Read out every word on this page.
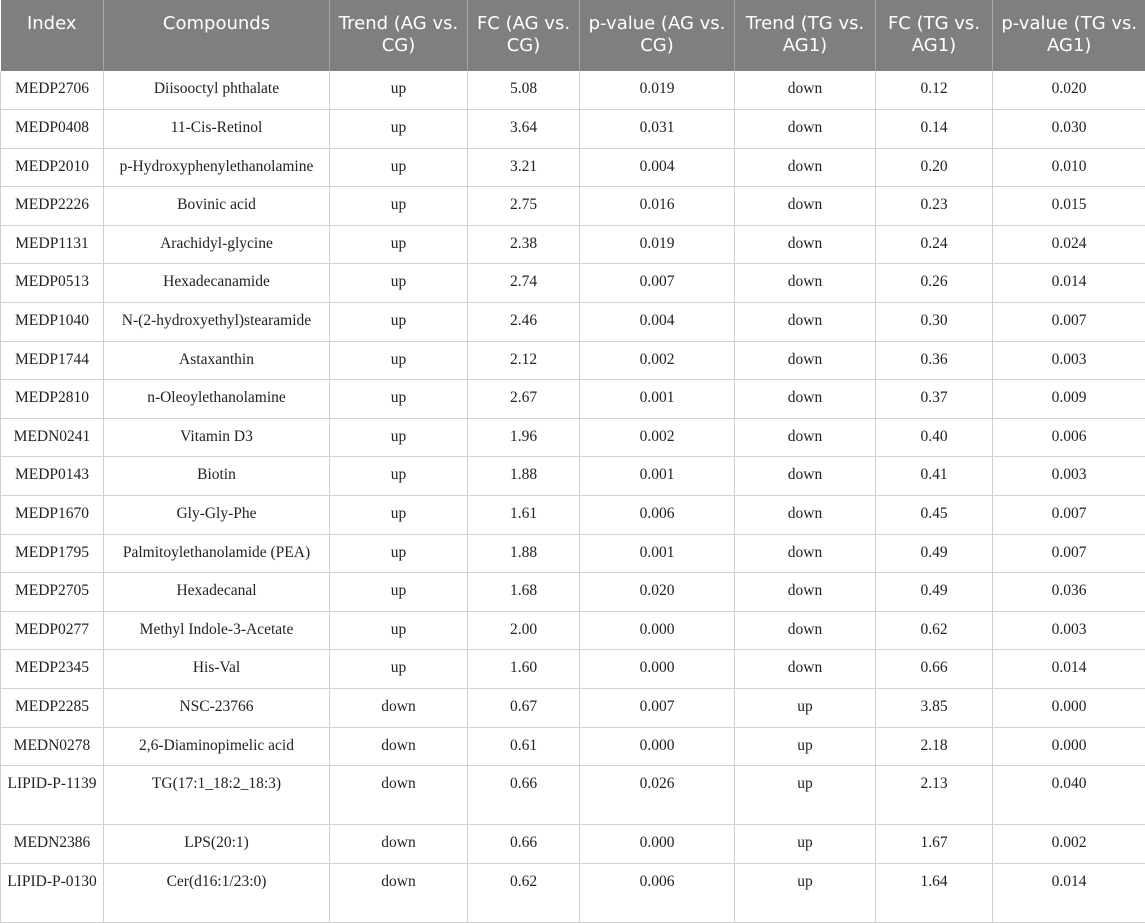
Index	Compounds	Trend (AG vs. CG)	FC (AG vs. CG)	p-value (AG vs. CG)	Trend (TG vs. AG1)	FC (TG vs. AG1)	p-value (TG vs. AG1)
MEDP2706	Diisooctyl phthalate	up	5.08	0.019	down	0.12	0.020
MEDP0408	11-Cis-Retinol	up	3.64	0.031	down	0.14	0.030
MEDP2010	p-Hydroxyphenylethanolamine	up	3.21	0.004	down	0.20	0.010
MEDP2226	Bovinic acid	up	2.75	0.016	down	0.23	0.015
MEDP1131	Arachidyl-glycine	up	2.38	0.019	down	0.24	0.024
MEDP0513	Hexadecanamide	up	2.74	0.007	down	0.26	0.014
MEDP1040	N-(2-hydroxyethyl)stearamide	up	2.46	0.004	down	0.30	0.007
MEDP1744	Astaxanthin	up	2.12	0.002	down	0.36	0.003
MEDP2810	n-Oleoylethanolamine	up	2.67	0.001	down	0.37	0.009
MEDN0241	Vitamin D3	up	1.96	0.002	down	0.40	0.006
MEDP0143	Biotin	up	1.88	0.001	down	0.41	0.003
MEDP1670	Gly-Gly-Phe	up	1.61	0.006	down	0.45	0.007
MEDP1795	Palmitoylethanolamide (PEA)	up	1.88	0.001	down	0.49	0.007
MEDP2705	Hexadecanal	up	1.68	0.020	down	0.49	0.036
MEDP0277	Methyl Indole-3-Acetate	up	2.00	0.000	down	0.62	0.003
MEDP2345	His-Val	up	1.60	0.000	down	0.66	0.014
MEDP2285	NSC-23766	down	0.67	0.007	up	3.85	0.000
MEDN0278	2,6-Diaminopimelic acid	down	0.61	0.000	up	2.18	0.000
LIPID-P-1139	TG(17:1_18:2_18:3)	down	0.66	0.026	up	2.13	0.040
MEDN2386	LPS(20:1)	down	0.66	0.000	up	1.67	0.002
LIPID-P-0130	Cer(d16:1/23:0)	down	0.62	0.006	up	1.64	0.014
